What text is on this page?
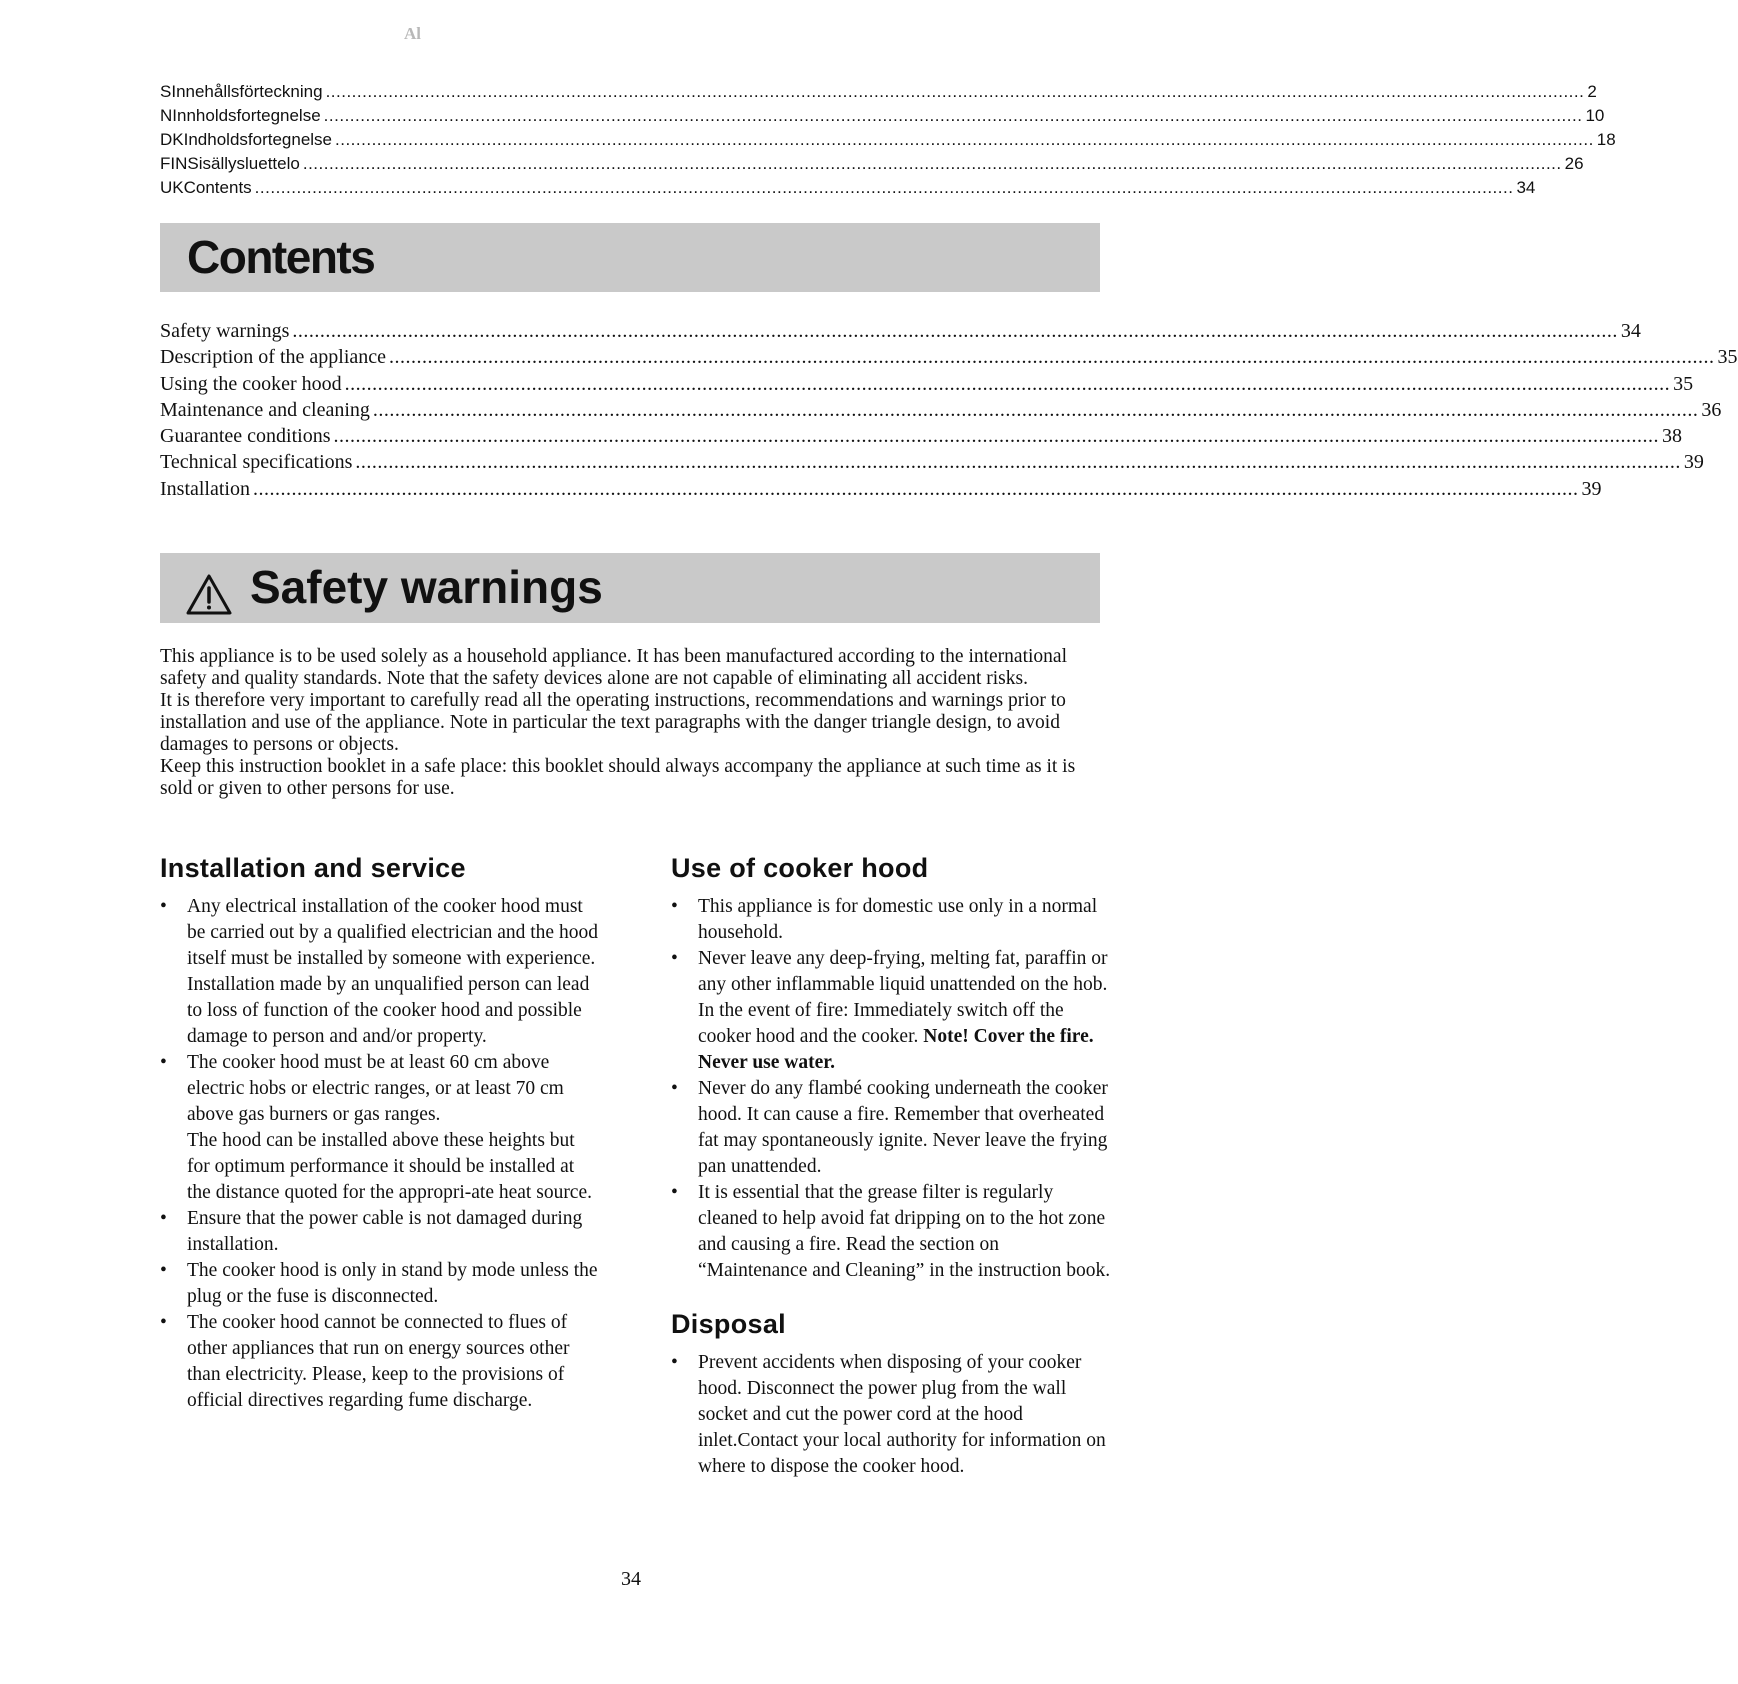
Al
S Innehållsförteckning .....	2
N Innholdsfortegnelse .....	10
DK Indholdsfortegnelse .....	18
FIN Sisällysluettelo .....	26
UK Contents .....	34
Contents
Safety warnings .....	34
Description of the appliance .....	35
Using the cooker hood .....	35
Maintenance and cleaning .....	36
Guarantee conditions .....	38
Technical specifications .....	39
Installation .....	39
Safety warnings

This appliance is to be used solely as a household appliance. It has been manufactured according to the international safety and quality standards. Note that the safety devices alone are not capable of eliminating all accident risks.

It is therefore very important to carefully read all the operating instructions, recommendations and warnings prior to installation and use of the appliance. Note in particular the text paragraphs with the danger triangle design, to avoid damages to persons or objects.

Keep this instruction booklet in a safe place: this booklet should always accompany the appliance at such time as it is sold or given to other persons for use.

Installation and service
• Any electrical installation of the cooker hood must be carried out by a qualified electrician and the hood itself must be installed by someone with experience. Installation made by an unqualified person can lead to loss of function of the cooker hood and possible damage to person and and/or property.
• The cooker hood must be at least 60 cm above electric hobs or electric ranges, or at least 70 cm above gas burners or gas ranges.
The hood can be installed above these heights but for optimum performance it should be installed at the distance quoted for the appropri-ate heat source.
• Ensure that the power cable is not damaged during installation.
• The cooker hood is only in stand by mode unless the plug or the fuse is disconnected.
• The cooker hood cannot be connected to flues of other appliances that run on energy sources other than electricity. Please, keep to the provisions of official directives regarding fume discharge.
Use of cooker hood
• This appliance is for domestic use only in a normal household.
• Never leave any deep-frying, melting fat, paraffin or any other inflammable liquid unattended on the hob. In the event of fire: Immediately switch off the cooker hood and the cooker. Note! Cover the fire. Never use water.
• Never do any flambé cooking underneath the cooker hood. It can cause a fire. Remember that overheated fat may spontaneously ignite. Never leave the frying pan unattended.
• It is essential that the grease filter is regularly cleaned to help avoid fat dripping on to the hot zone and causing a fire. Read the section on “Maintenance and Cleaning” in the instruction book.
Disposal
• Prevent accidents when disposing of your cooker hood. Disconnect the power plug from the wall socket and cut the power cord at the hood inlet.Contact your local authority for information on where to dispose the cooker hood.
34
